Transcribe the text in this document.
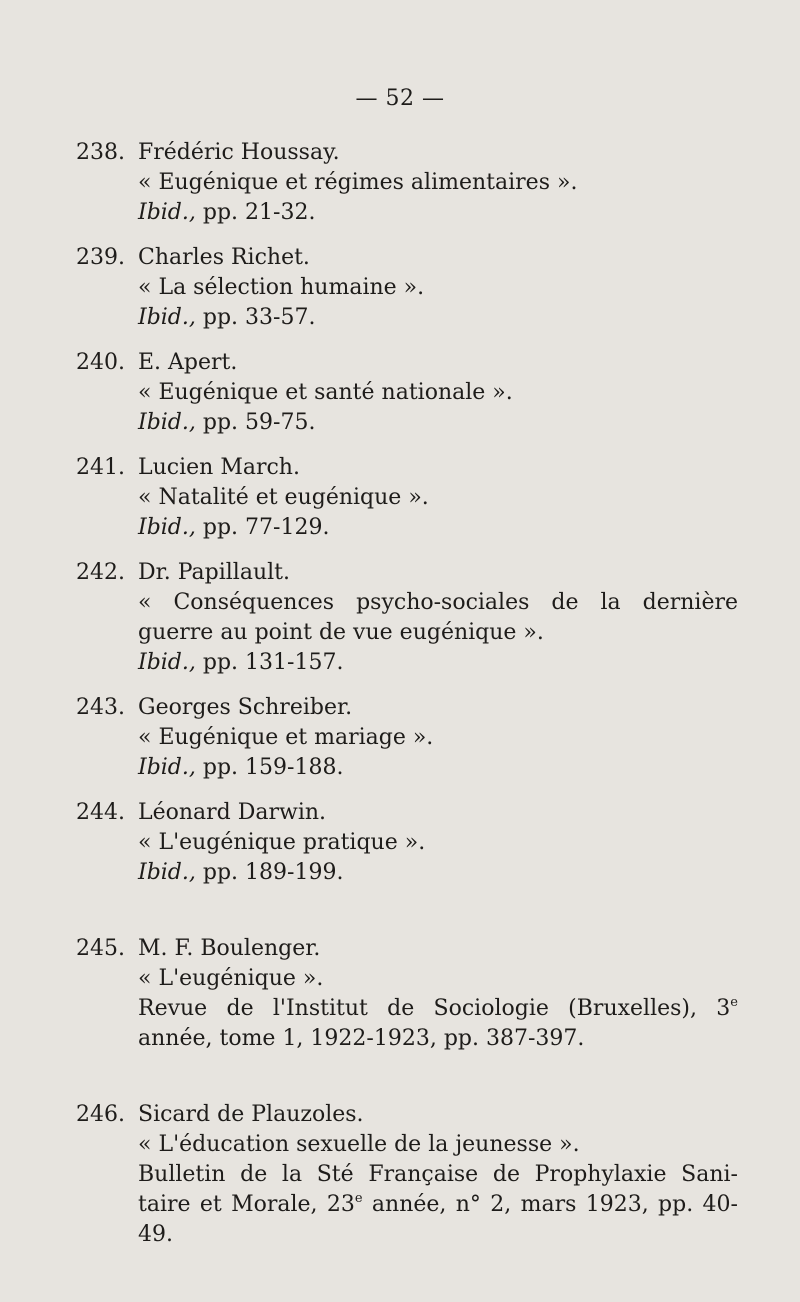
— 52 —
238. Frédéric Houssay.
« Eugénique et régimes alimentaires ».
Ibid., pp. 21-32.
239. Charles Richet.
« La sélection humaine ».
Ibid., pp. 33-57.
240. E. Apert.
« Eugénique et santé nationale ».
Ibid., pp. 59-75.
241. Lucien March.
« Natalité et eugénique ».
Ibid., pp. 77-129.
242. Dr. Papillault.
« Conséquences psycho-sociales de la dernière
guerre au point de vue eugénique ».
Ibid., pp. 131-157.
243. Georges Schreiber.
« Eugénique et mariage ».
Ibid., pp. 159-188.
244. Léonard Darwin.
« L'eugénique pratique ».
Ibid., pp. 189-199.
245. M. F. Boulenger.
« L'eugénique ».
Revue de l'Institut de Sociologie (Bruxelles), 3e
année, tome 1, 1922-1923, pp. 387-397.
246. Sicard de Plauzoles.
« L'éducation sexuelle de la jeunesse ».
Bulletin de la Sté Française de Prophylaxie Sani-
taire et Morale, 23e année, n° 2, mars 1923, pp. 40-
49.
